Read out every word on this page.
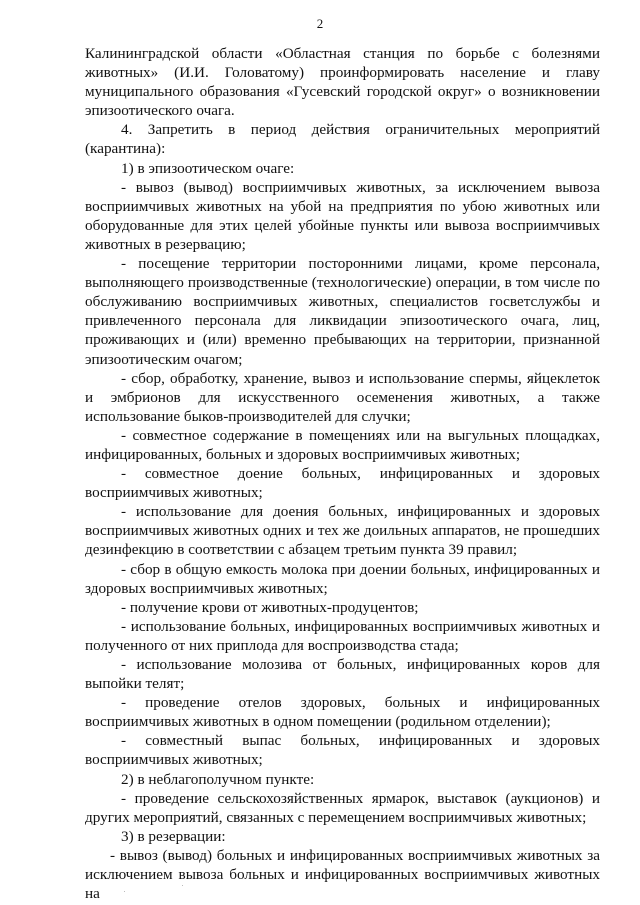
2

Калининградской области «Областная станция по борьбе с болезнями животных» (И.И. Головатому) проинформировать население и главу муниципального образования «Гусевский городской округ» о возникновении эпизоотического очага.

4. Запретить в период действия ограничительных мероприятий (карантина):

1) в эпизоотическом очаге:

- вывоз (вывод) восприимчивых животных, за исключением вывоза восприимчивых животных на убой на предприятия по убою животных или оборудованные для этих целей убойные пункты или вывоза восприимчивых животных в резервацию;

- посещение территории посторонними лицами, кроме персонала, выполняющего производственные (технологические) операции, в том числе по обслуживанию восприимчивых животных, специалистов госветслужбы и привлеченного персонала для ликвидации эпизоотического очага, лиц, проживающих и (или) временно пребывающих на территории, признанной эпизоотическим очагом;

- сбор, обработку, хранение, вывоз и использование спермы, яйцеклеток и эмбрионов для искусственного осеменения животных, а также использование быков-производителей для случки;

- совместное содержание в помещениях или на выгульных площадках, инфицированных, больных и здоровых восприимчивых животных;

- совместное доение больных, инфицированных и здоровых восприимчивых животных;

- использование для доения больных, инфицированных и здоровых восприимчивых животных одних и тех же доильных аппаратов, не прошедших дезинфекцию в соответствии с абзацем третьим пункта 39 правил;

- сбор в общую емкость молока при доении больных, инфицированных и здоровых восприимчивых животных;

- получение крови от животных-продуцентов;

- использование больных, инфицированных восприимчивых животных и полученного от них приплода для воспроизводства стада;

- использование молозива от больных, инфицированных коров для выпойки телят;

- проведение отелов здоровых, больных и инфицированных восприимчивых животных в одном помещении (родильном отделении);

- совместный выпас больных, инфицированных и здоровых восприимчивых животных;

2) в неблагополучном пункте:

- проведение сельскохозяйственных ярмарок, выставок (аукционов) и других мероприятий, связанных с перемещением восприимчивых животных;

3) в резервации:

- вывоз (вывод) больных и инфицированных восприимчивых животных за исключением вывоза больных и инфицированных восприимчивых животных на
